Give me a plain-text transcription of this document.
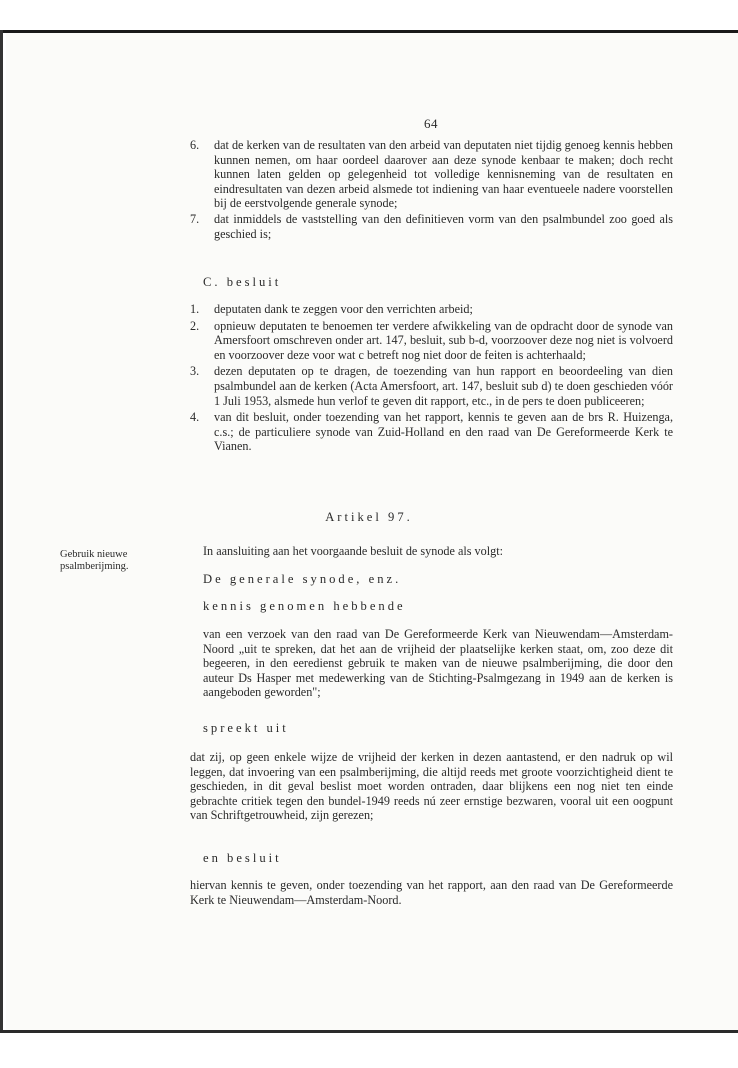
64
6. dat de kerken van de resultaten van den arbeid van deputaten niet tijdig genoeg kennis hebben kunnen nemen, om haar oordeel daarover aan deze synode kenbaar te maken; doch recht kunnen laten gelden op gelegenheid tot volledige kennisneming van de resultaten en eindresultaten van dezen arbeid alsmede tot indiening van haar eventueele nadere voorstellen bij de eerstvolgende generale synode;
7. dat inmiddels de vaststelling van den definitieven vorm van den psalmbundel zoo goed als geschied is;
C. besluit
1. deputaten dank te zeggen voor den verrichten arbeid;
2. opnieuw deputaten te benoemen ter verdere afwikkeling van de opdracht door de synode van Amersfoort omschreven onder art. 147, besluit, sub b-d, voorzoover deze nog niet is volvoerd en voorzoover deze voor wat c betreft nog niet door de feiten is achterhaald;
3. dezen deputaten op te dragen, de toezending van hun rapport en beoordeeling van dien psalmbundel aan de kerken (Acta Amersfoort, art. 147, besluit sub d) te doen geschieden vóór 1 Juli 1953, alsmede hun verlof te geven dit rapport, etc., in de pers te doen publiceeren;
4. van dit besluit, onder toezending van het rapport, kennis te geven aan de brs R. Huizenga, c.s.; de particuliere synode van Zuid-Holland en den raad van De Gereformeerde Kerk te Vianen.
Artikel 97.
Gebruik nieuwe psalmberijming.
In aansluiting aan het voorgaande besluit de synode als volgt:
De generale synode, enz.
kennis genomen hebbende
van een verzoek van den raad van De Gereformeerde Kerk van Nieuwendam—Amsterdam-Noord „uit te spreken, dat het aan de vrijheid der plaatselijke kerken staat, om, zoo deze dit begeeren, in den eeredienst gebruik te maken van de nieuwe psalmberijming, die door den auteur Ds Hasper met medewerking van de Stichting-Psalmgezang in 1949 aan de kerken is aangeboden geworden";
spreekt uit
dat zij, op geen enkele wijze de vrijheid der kerken in dezen aantastend, er den nadruk op wil leggen, dat invoering van een psalmberijming, die altijd reeds met groote voorzichtigheid dient te geschieden, in dit geval beslist moet worden ontraden, daar blijkens een nog niet ten einde gebrachte critiek tegen den bundel-1949 reeds nú zeer ernstige bezwaren, vooral uit een oogpunt van Schriftgetrouwheid, zijn gerezen;
en besluit
hiervan kennis te geven, onder toezending van het rapport, aan den raad van De Gereformeerde Kerk te Nieuwendam—Amsterdam-Noord.
